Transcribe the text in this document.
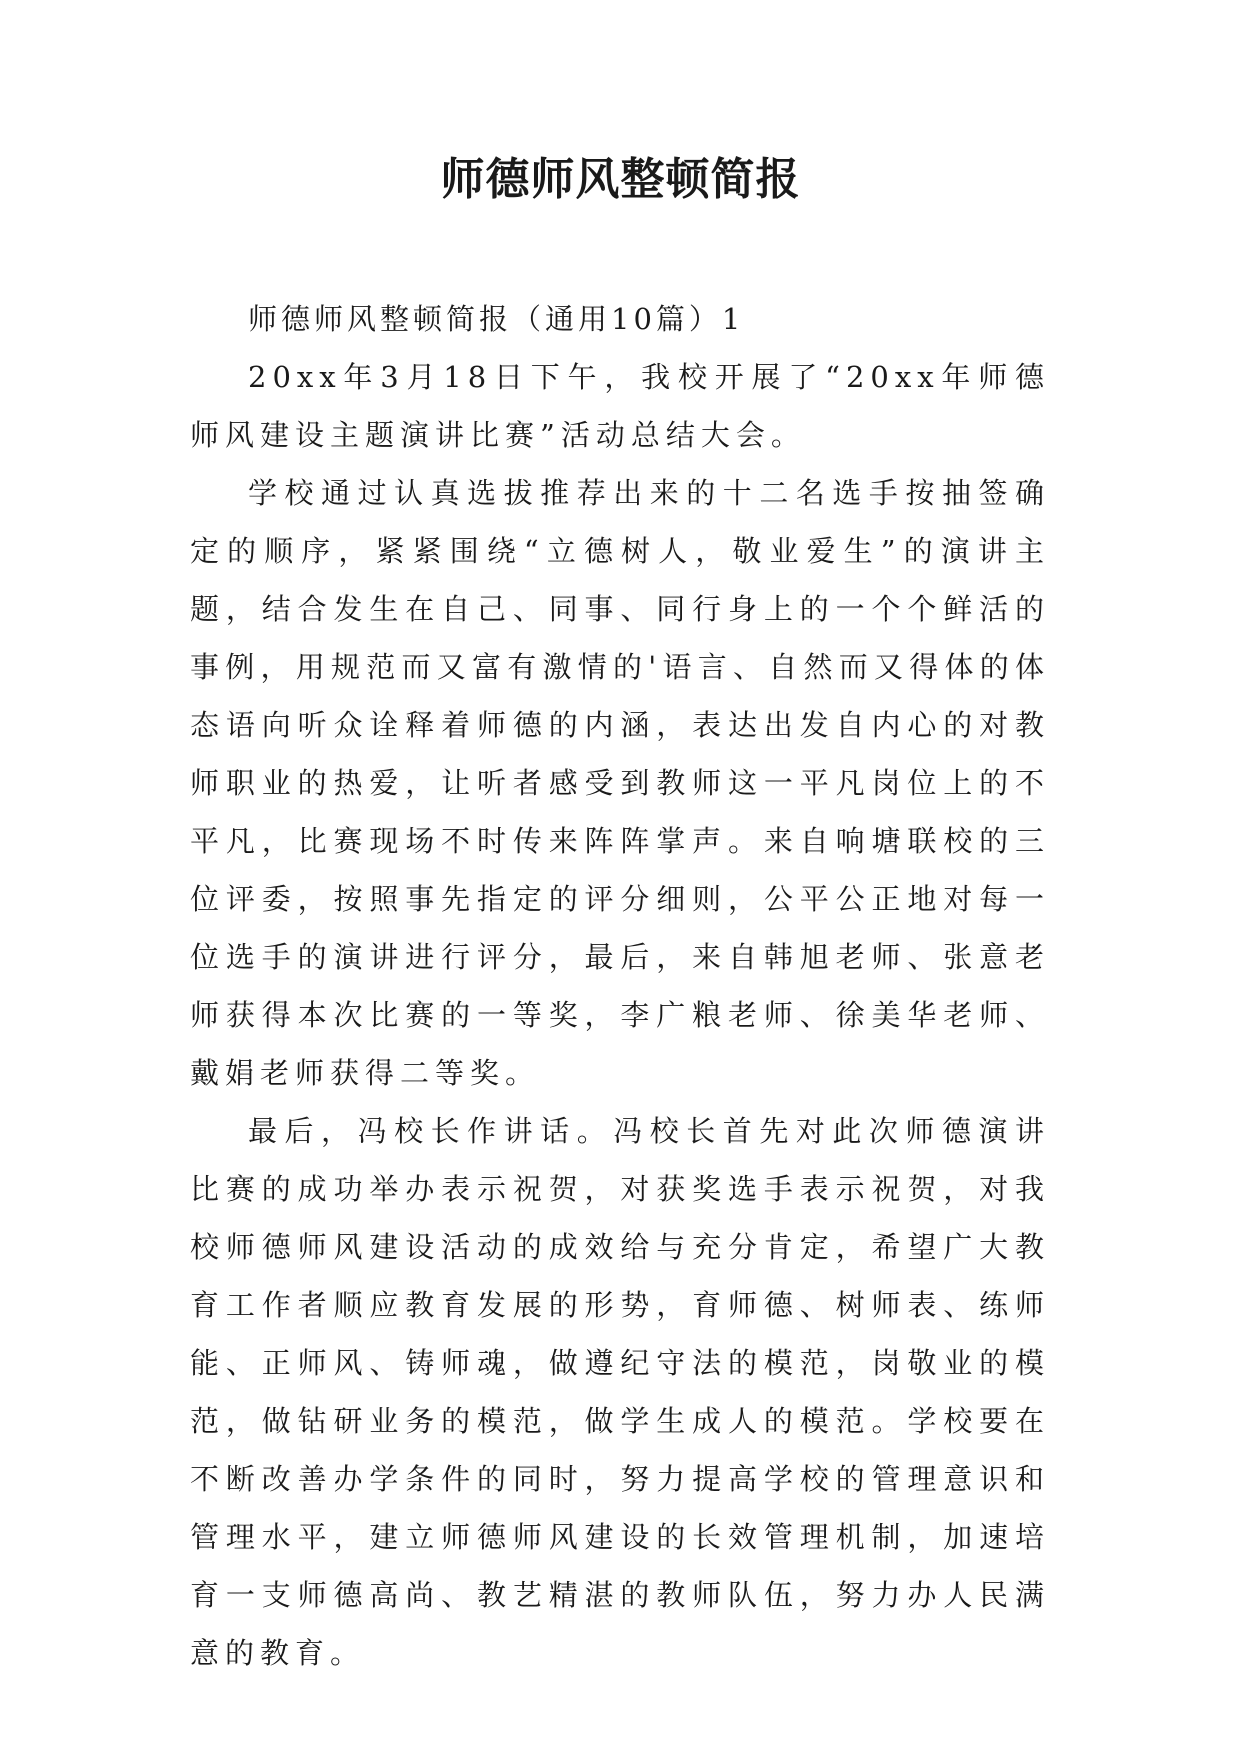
师德师风整顿简报

师德师风整顿简报（通用10篇）1

20xx年3月18日下午，我校开展了“20xx年师德师风建设主题演讲比赛”活动总结大会。

学校通过认真选拔推荐出来的十二名选手按抽签确定的顺序，紧紧围绕“立德树人，敬业爱生”的演讲主题，结合发生在自己、同事、同行身上的一个个鲜活的事例，用规范而又富有激情的'语言、自然而又得体的体态语向听众诠释着师德的内涵，表达出发自内心的对教师职业的热爱，让听者感受到教师这一平凡岗位上的不平凡，比赛现场不时传来阵阵掌声。来自响塘联校的三位评委，按照事先指定的评分细则，公平公正地对每一位选手的演讲进行评分，最后，来自韩旭老师、张意老师获得本次比赛的一等奖，李广粮老师、徐美华老师、戴娟老师获得二等奖。

最后，冯校长作讲话。冯校长首先对此次师德演讲比赛的成功举办表示祝贺，对获奖选手表示祝贺，对我校师德师风建设活动的成效给与充分肯定，希望广大教育工作者顺应教育发展的形势，育师德、树师表、练师能、正师风、铸师魂，做遵纪守法的模范，岗敬业的模范，做钻研业务的模范，做学生成人的模范。学校要在不断改善办学条件的同时，努力提高学校的管理意识和管理水平，建立师德师风建设的长效管理机制，加速培育一支师德高尚、教艺精湛的教师队伍，努力办人民满意的教育。
